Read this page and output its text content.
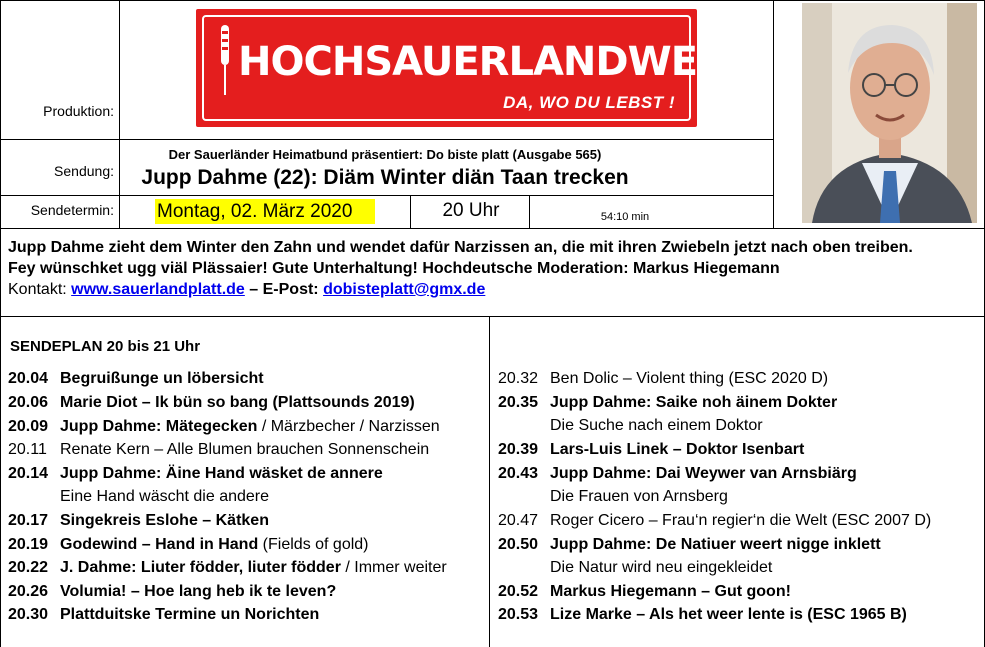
Produktion:
Sendung:
Sendetermin:
HOCHSAUERLANDWELLE
DA, WO DU LEBST !
Der Sauerländer Heimatbund präsentiert: Do biste platt (Ausgabe 565)
Jupp Dahme (22): Diäm Winter diän Taan trecken
Montag, 02. März 2020	20 Uhr	54:10 min
Jupp Dahme zieht dem Winter den Zahn und wendet dafür Narzissen an, die mit ihren Zwiebeln jetzt nach oben treiben.
Fey wünschket ugg viäl Plässaier! Gute Unterhaltung! Hochdeutsche Moderation: Markus Hiegemann
Kontakt: www.sauerlandplatt.de – E-Post: dobisteplatt@gmx.de
SENDEPLAN 20 bis 21 Uhr
20.04 Begruißunge un löbersicht
20.06 Marie Diot – Ik bün so bang (Plattsounds 2019)
20.09 Jupp Dahme: Mätegecken / Märzbecher / Narzissen
20.11 Renate Kern – Alle Blumen brauchen Sonnenschein
20.14 Jupp Dahme: Äine Hand wäsket de annere
Eine Hand wäscht die andere
20.17 Singekreis Eslohe – Kätken
20.19 Godewind – Hand in Hand (Fields of gold)
20.22 J. Dahme: Liuter födder, liuter födder / Immer weiter
20.26 Volumia! – Hoe lang heb ik te leven?
20.30 Plattduitske Termine un Norichten
20.32 Ben Dolic – Violent thing (ESC 2020 D)
20.35 Jupp Dahme: Saike noh äinem Dokter
Die Suche nach einem Doktor
20.39 Lars-Luis Linek – Doktor Isenbart
20.43 Jupp Dahme: Dai Weywer van Arnsbiärg
Die Frauen von Arnsberg
20.47 Roger Cicero – Frau‘n regier‘n die Welt (ESC 2007 D)
20.50 Jupp Dahme: De Natiuer weert nigge inklett
Die Natur wird neu eingekleidet
20.52 Markus Hiegemann – Gut goon!
20.53 Lize Marke – Als het weer lente is (ESC 1965 B)
